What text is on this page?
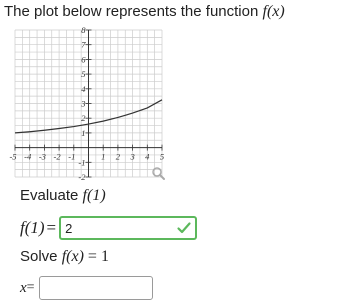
The plot below represents the function f(x)
-5 -4 -3 -2 -1	1 2 3 4 5
8
7
6
5
4
3
2
1
-1
-2
Evaluate f(1)
f(1) = 2
Solve f(x) = 1
x =
